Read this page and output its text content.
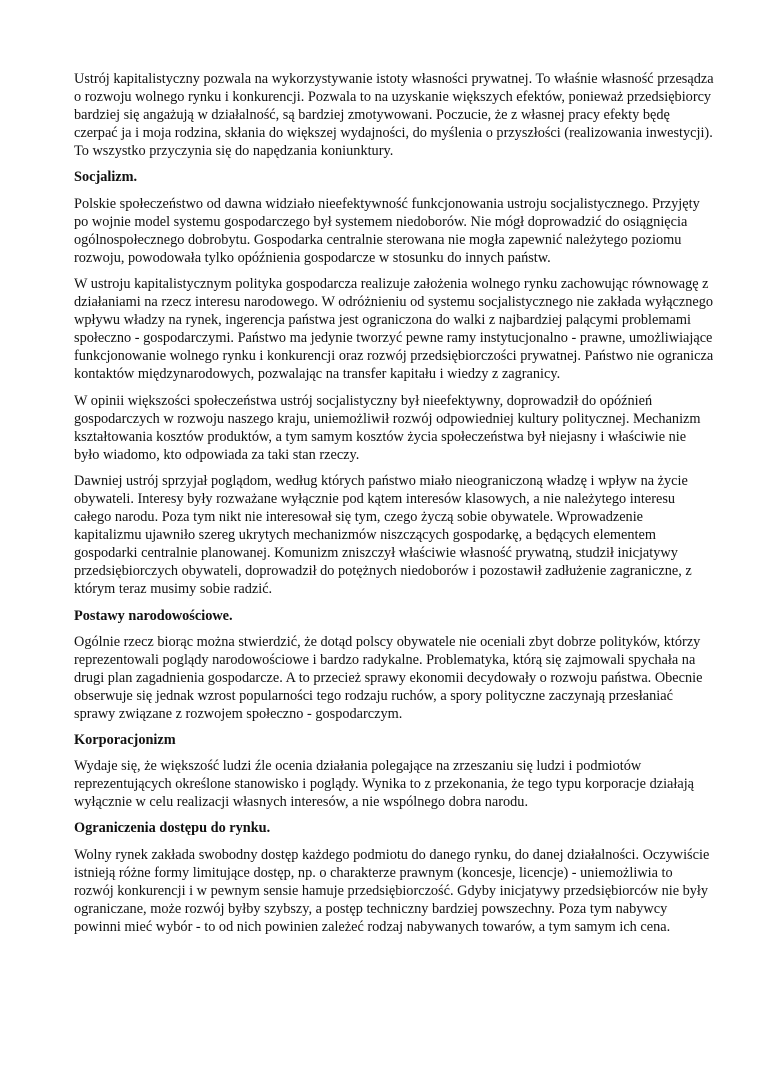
Ustrój kapitalistyczny pozwala na wykorzystywanie istoty własności prywatnej. To właśnie własność przesądza o rozwoju wolnego rynku i konkurencji. Pozwala to na uzyskanie większych efektów, ponieważ przedsiębiorcy bardziej się angażują w działalność, są bardziej zmotywowani. Poczucie, że z własnej pracy efekty będę czerpać ja i moja rodzina, skłania do większej wydajności, do myślenia o przyszłości (realizowania inwestycji). To wszystko przyczynia się do napędzania koniunktury.

Socjalizm.

Polskie społeczeństwo od dawna widziało nieefektywność funkcjonowania ustroju socjalistycznego. Przyjęty po wojnie model systemu gospodarczego był systemem niedoborów. Nie mógł doprowadzić do osiągnięcia ogólnospołecznego dobrobytu. Gospodarka centralnie sterowana nie mogła zapewnić należytego poziomu rozwoju, powodowała tylko opóźnienia gospodarcze w stosunku do innych państw.

W ustroju kapitalistycznym polityka gospodarcza realizuje założenia wolnego rynku zachowując równowagę z działaniami na rzecz interesu narodowego. W odróżnieniu od systemu socjalistycznego nie zakłada wyłącznego wpływu władzy na rynek, ingerencja państwa jest ograniczona do walki z najbardziej palącymi problemami społeczno - gospodarczymi. Państwo ma jedynie tworzyć pewne ramy instytucjonalno - prawne, umożliwiające funkcjonowanie wolnego rynku i konkurencji oraz rozwój przedsiębiorczości prywatnej. Państwo nie ogranicza kontaktów międzynarodowych, pozwalając na transfer kapitału i wiedzy z zagranicy.

W opinii większości społeczeństwa ustrój socjalistyczny był nieefektywny, doprowadził do opóźnień gospodarczych w rozwoju naszego kraju, uniemożliwił rozwój odpowiedniej kultury politycznej. Mechanizm kształtowania kosztów produktów, a tym samym kosztów życia społeczeństwa był niejasny i właściwie nie było wiadomo, kto odpowiada za taki stan rzeczy.

Dawniej ustrój sprzyjał poglądom, według których państwo miało nieograniczoną władzę i wpływ na życie obywateli. Interesy były rozważane wyłącznie pod kątem interesów klasowych, a nie należytego interesu całego narodu. Poza tym nikt nie interesował się tym, czego życzą sobie obywatele. Wprowadzenie kapitalizmu ujawniło szereg ukrytych mechanizmów niszczących gospodarkę, a będących elementem gospodarki centralnie planowanej. Komunizm zniszczył właściwie własność prywatną, studził inicjatywy przedsiębiorczych obywateli, doprowadził do potężnych niedoborów i pozostawił zadłużenie zagraniczne, z którym teraz musimy sobie radzić.

Postawy narodowościowe.

Ogólnie rzecz biorąc można stwierdzić, że dotąd polscy obywatele nie oceniali zbyt dobrze polityków, którzy reprezentowali poglądy narodowościowe i bardzo radykalne. Problematyka, którą się zajmowali spychała na drugi plan zagadnienia gospodarcze. A to przecież sprawy ekonomii decydowały o rozwoju państwa. Obecnie obserwuje się jednak wzrost popularności tego rodzaju ruchów, a spory polityczne zaczynają przesłaniać sprawy związane z rozwojem społeczno - gospodarczym.

Korporacjonizm

Wydaje się, że większość ludzi źle ocenia działania polegające na zrzeszaniu się ludzi i podmiotów reprezentujących określone stanowisko i poglądy. Wynika to z przekonania, że tego typu korporacje działają wyłącznie w celu realizacji własnych interesów, a nie wspólnego dobra narodu.

Ograniczenia dostępu do rynku.

Wolny rynek zakłada swobodny dostęp każdego podmiotu do danego rynku, do danej działalności. Oczywiście istnieją różne formy limitujące dostęp, np. o charakterze prawnym (koncesje, licencje) - uniemożliwia to rozwój konkurencji i w pewnym sensie hamuje przedsiębiorczość. Gdyby inicjatywy przedsiębiorców nie były ograniczane, może rozwój byłby szybszy, a postęp techniczny bardziej powszechny. Poza tym nabywcy powinni mieć wybór - to od nich powinien zależeć rodzaj nabywanych towarów, a tym samym ich cena.
